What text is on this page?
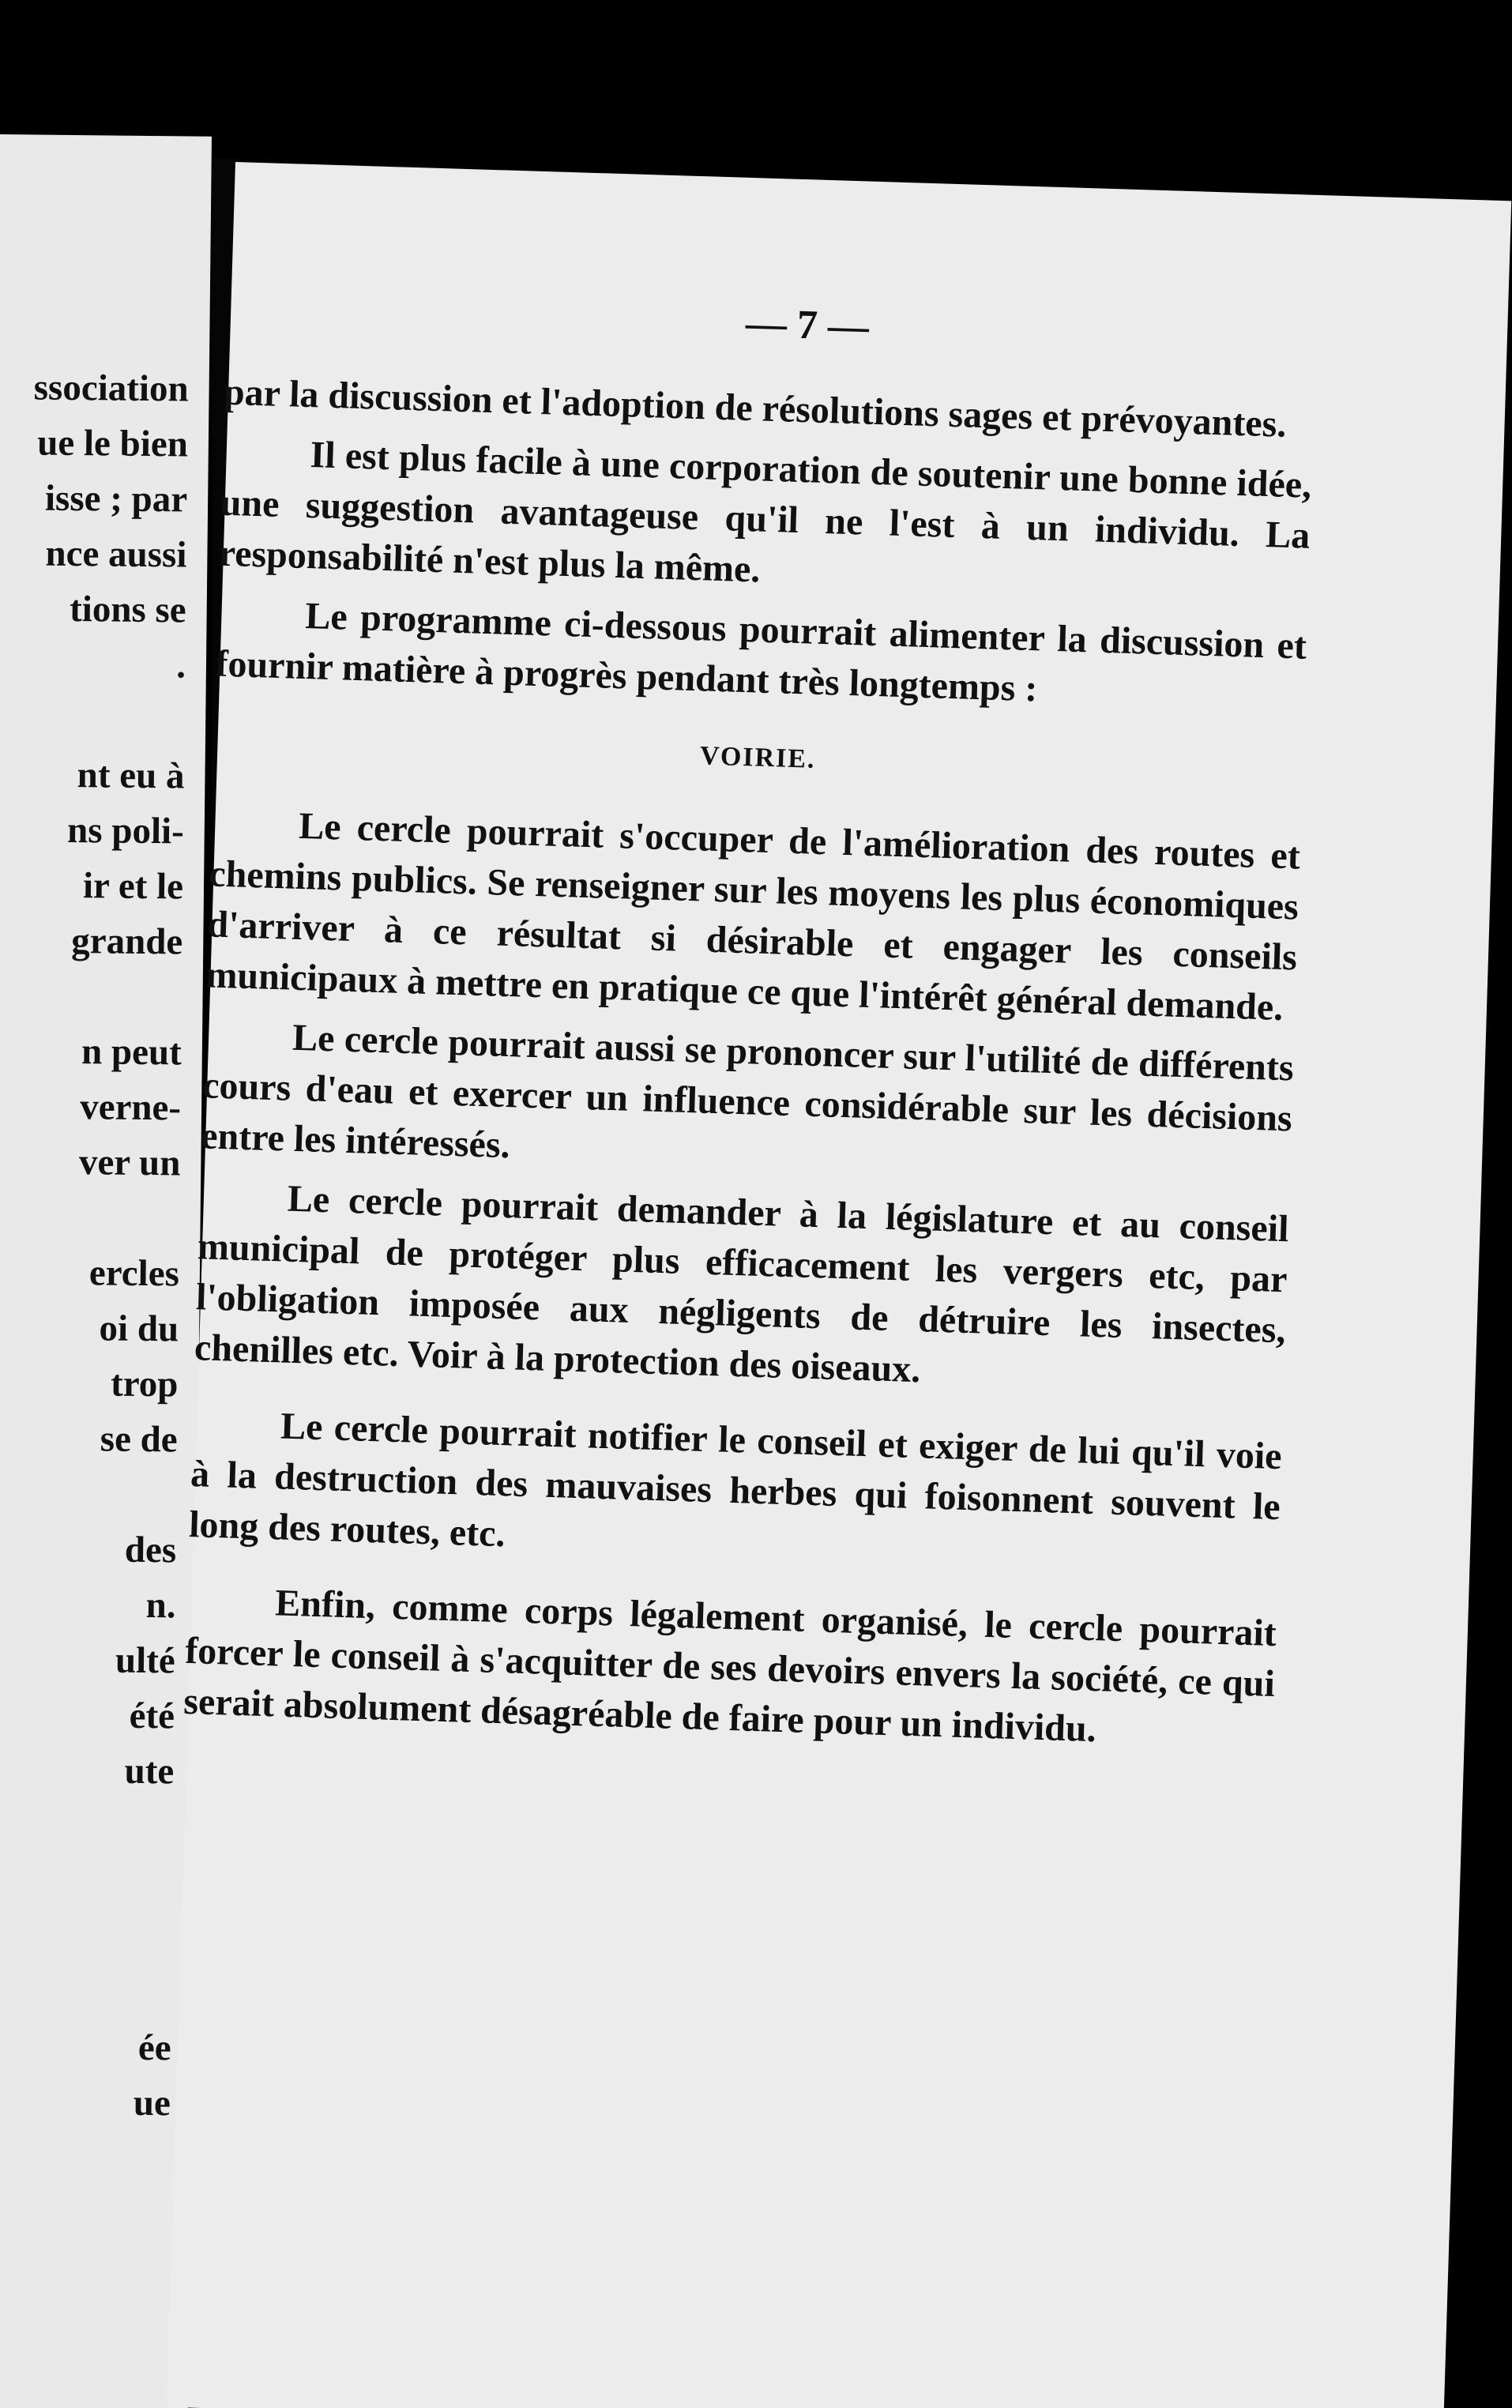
ssociation
ue le bien
isse ; par
nce aussi
tions se
.
nt eu à
ns poli-
ir et le
grande
n peut
verne-
ver un
ercles
oi du
trop
se de
des
n.
ulté
été
ute
ée
ue
— 7 —

par la discussion et l'adoption de résolutions sages et prévoyantes.

Il est plus facile à une corporation de soutenir une bonne idée, une suggestion avantageuse qu'il ne l'est à un individu. La responsabilité n'est plus la même.

Le programme ci-dessous pourrait alimenter la discussion et fournir matière à progrès pendant très longtemps :

VOIRIE.

Le cercle pourrait s'occuper de l'amélioration des routes et chemins publics. Se renseigner sur les moyens les plus économiques d'arriver à ce résultat si désirable et engager les conseils municipaux à mettre en pratique ce que l'intérêt général demande.

Le cercle pourrait aussi se prononcer sur l'utilité de différents cours d'eau et exercer un influence considérable sur les décisions entre les intéressés.

Le cercle pourrait demander à la législature et au conseil municipal de protéger plus efficacement les vergers etc, par l'obligation imposée aux négligents de détruire les insectes, chenilles etc. Voir à la protection des oiseaux.

Le cercle pourrait notifier le conseil et exiger de lui qu'il voie à la destruction des mauvaises herbes qui foisonnent souvent le long des routes, etc.

Enfin, comme corps légalement organisé, le cercle pourrait forcer le conseil à s'acquitter de ses devoirs envers la société, ce qui serait absolument désagréable de faire pour un individu.
